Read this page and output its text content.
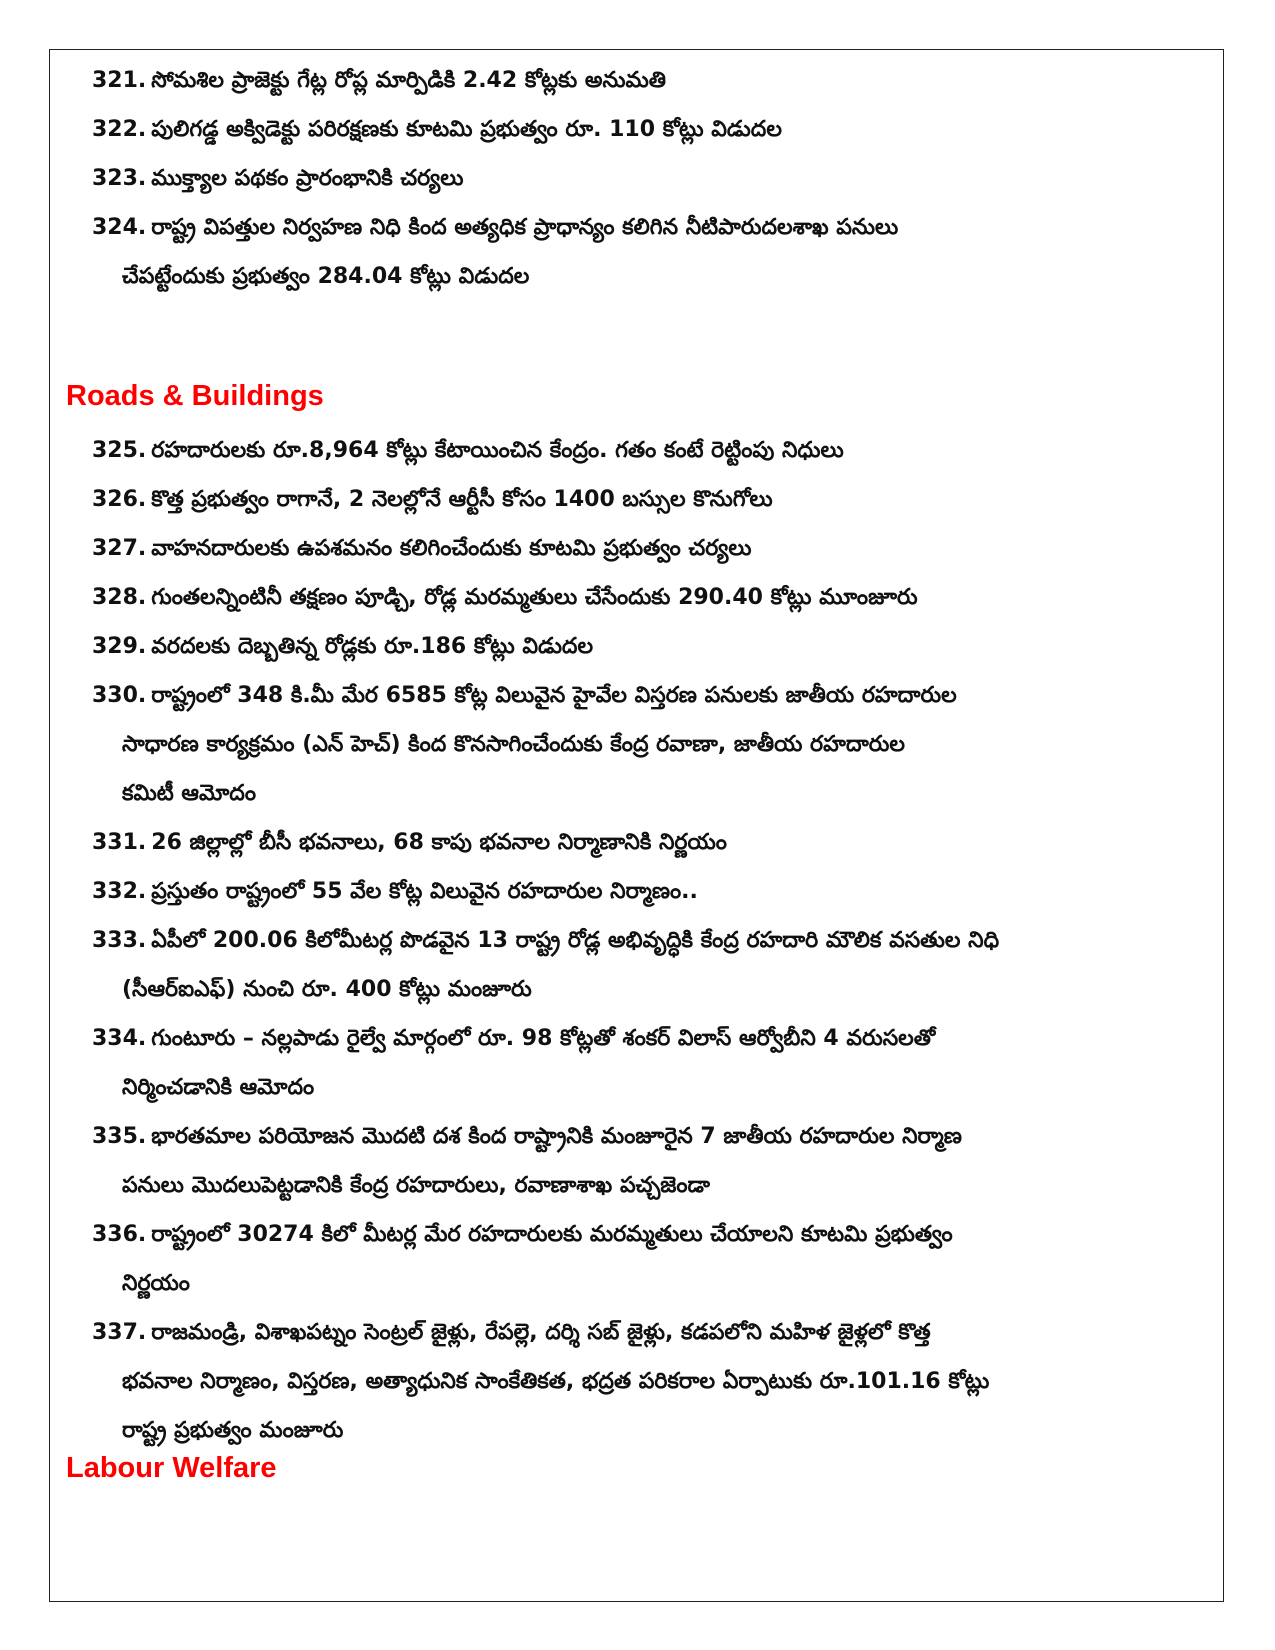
321. సోమశిల ప్రాజెక్టు గేట్ల రోప్ల మార్పిడికి 2.42 కోట్లకు అనుమతి
322. పులిగడ్డ అక్విడెక్టు పరిరక్షణకు కూటమి ప్రభుత్వం రూ. 110 కోట్లు విడుదల
323. ముక్త్యాల పథకం ప్రారంభానికి చర్యలు
324. రాష్ట్ర విపత్తుల నిర్వహణ నిధి కింద అత్యధిక ప్రాధాన్యం కలిగిన నీటిపారుదలశాఖ పనులు
చేపట్టేందుకు ప్రభుత్వం 284.04 కోట్లు విడుదల
Roads & Buildings
325. రహదారులకు రూ.8,964 కోట్లు కేటాయించిన కేంద్రం. గతం కంటే రెట్టింపు నిధులు
326. కొత్త ప్రభుత్వం రాగానే, 2 నెలల్లోనే ఆర్టీసీ కోసం 1400 బస్సుల కొనుగోలు
327. వాహనదారులకు ఉపశమనం కలిగించేందుకు కూటమి ప్రభుత్వం చర్యలు
328. గుంతలన్నింటినీ తక్షణం పూడ్చి, రోడ్ల మరమ్మతులు చేసేందుకు 290.40 కోట్లు మూంజూరు
329. వరదలకు దెబ్బతిన్న రోడ్లకు రూ.186 కోట్లు విడుదల
330. రాష్ట్రంలో 348 కి.మీ మేర 6585 కోట్ల విలువైన హైవేల విస్తరణ పనులకు జాతీయ రహదారుల
సాధారణ కార్యక్రమం (ఎన్ హెచ్) కింద కొనసాగించేందుకు కేంద్ర రవాణా, జాతీయ రహదారుల
కమిటీ ఆమోదం
331. 26 జిల్లాల్లో బీసీ భవనాలు, 68 కాపు భవనాల నిర్మాణానికి నిర్ణయం
332. ప్రస్తుతం రాష్ట్రంలో 55 వేల కోట్ల విలువైన రహదారుల నిర్మాణం..
333. ఏపీలో 200.06 కిలోమీటర్ల పొడవైన 13 రాష్ట్ర రోడ్ల అభివృద్ధికి కేంద్ర రహదారి మౌలిక వసతుల నిధి
(సీఆర్ఐఎఫ్) నుంచి రూ. 400 కోట్లు మంజూరు
334. గుంటూరు – నల్లపాడు రైల్వే మార్గంలో రూ. 98 కోట్లతో శంకర్ విలాస్ ఆర్వోబీని 4 వరుసలతో
నిర్మించడానికి ఆమోదం
335. భారతమాల పరియోజన మొదటి దశ కింద రాష్ట్రానికి మంజూరైన 7 జాతీయ రహదారుల నిర్మాణ
పనులు మొదలుపెట్టడానికి కేంద్ర రహదారులు, రవాణాశాఖ పచ్చజెండా
336. రాష్ట్రంలో 30274 కిలో మీటర్ల మేర రహదారులకు మరమ్మతులు చేయాలని కూటమి ప్రభుత్వం
నిర్ణయం
337. రాజమండ్రి, విశాఖపట్నం సెంట్రల్ జైళ్లు, రేపల్లె, దర్శి సబ్ జైళ్లు, కడపలోని మహిళ జైళ్లలో కొత్త
భవనాల నిర్మాణం, విస్తరణ, అత్యాధునిక సాంకేతికత, భద్రత పరికరాల ఏర్పాటుకు రూ.101.16 కోట్లు
రాష్ట్ర ప్రభుత్వం మంజూరు
Labour Welfare
